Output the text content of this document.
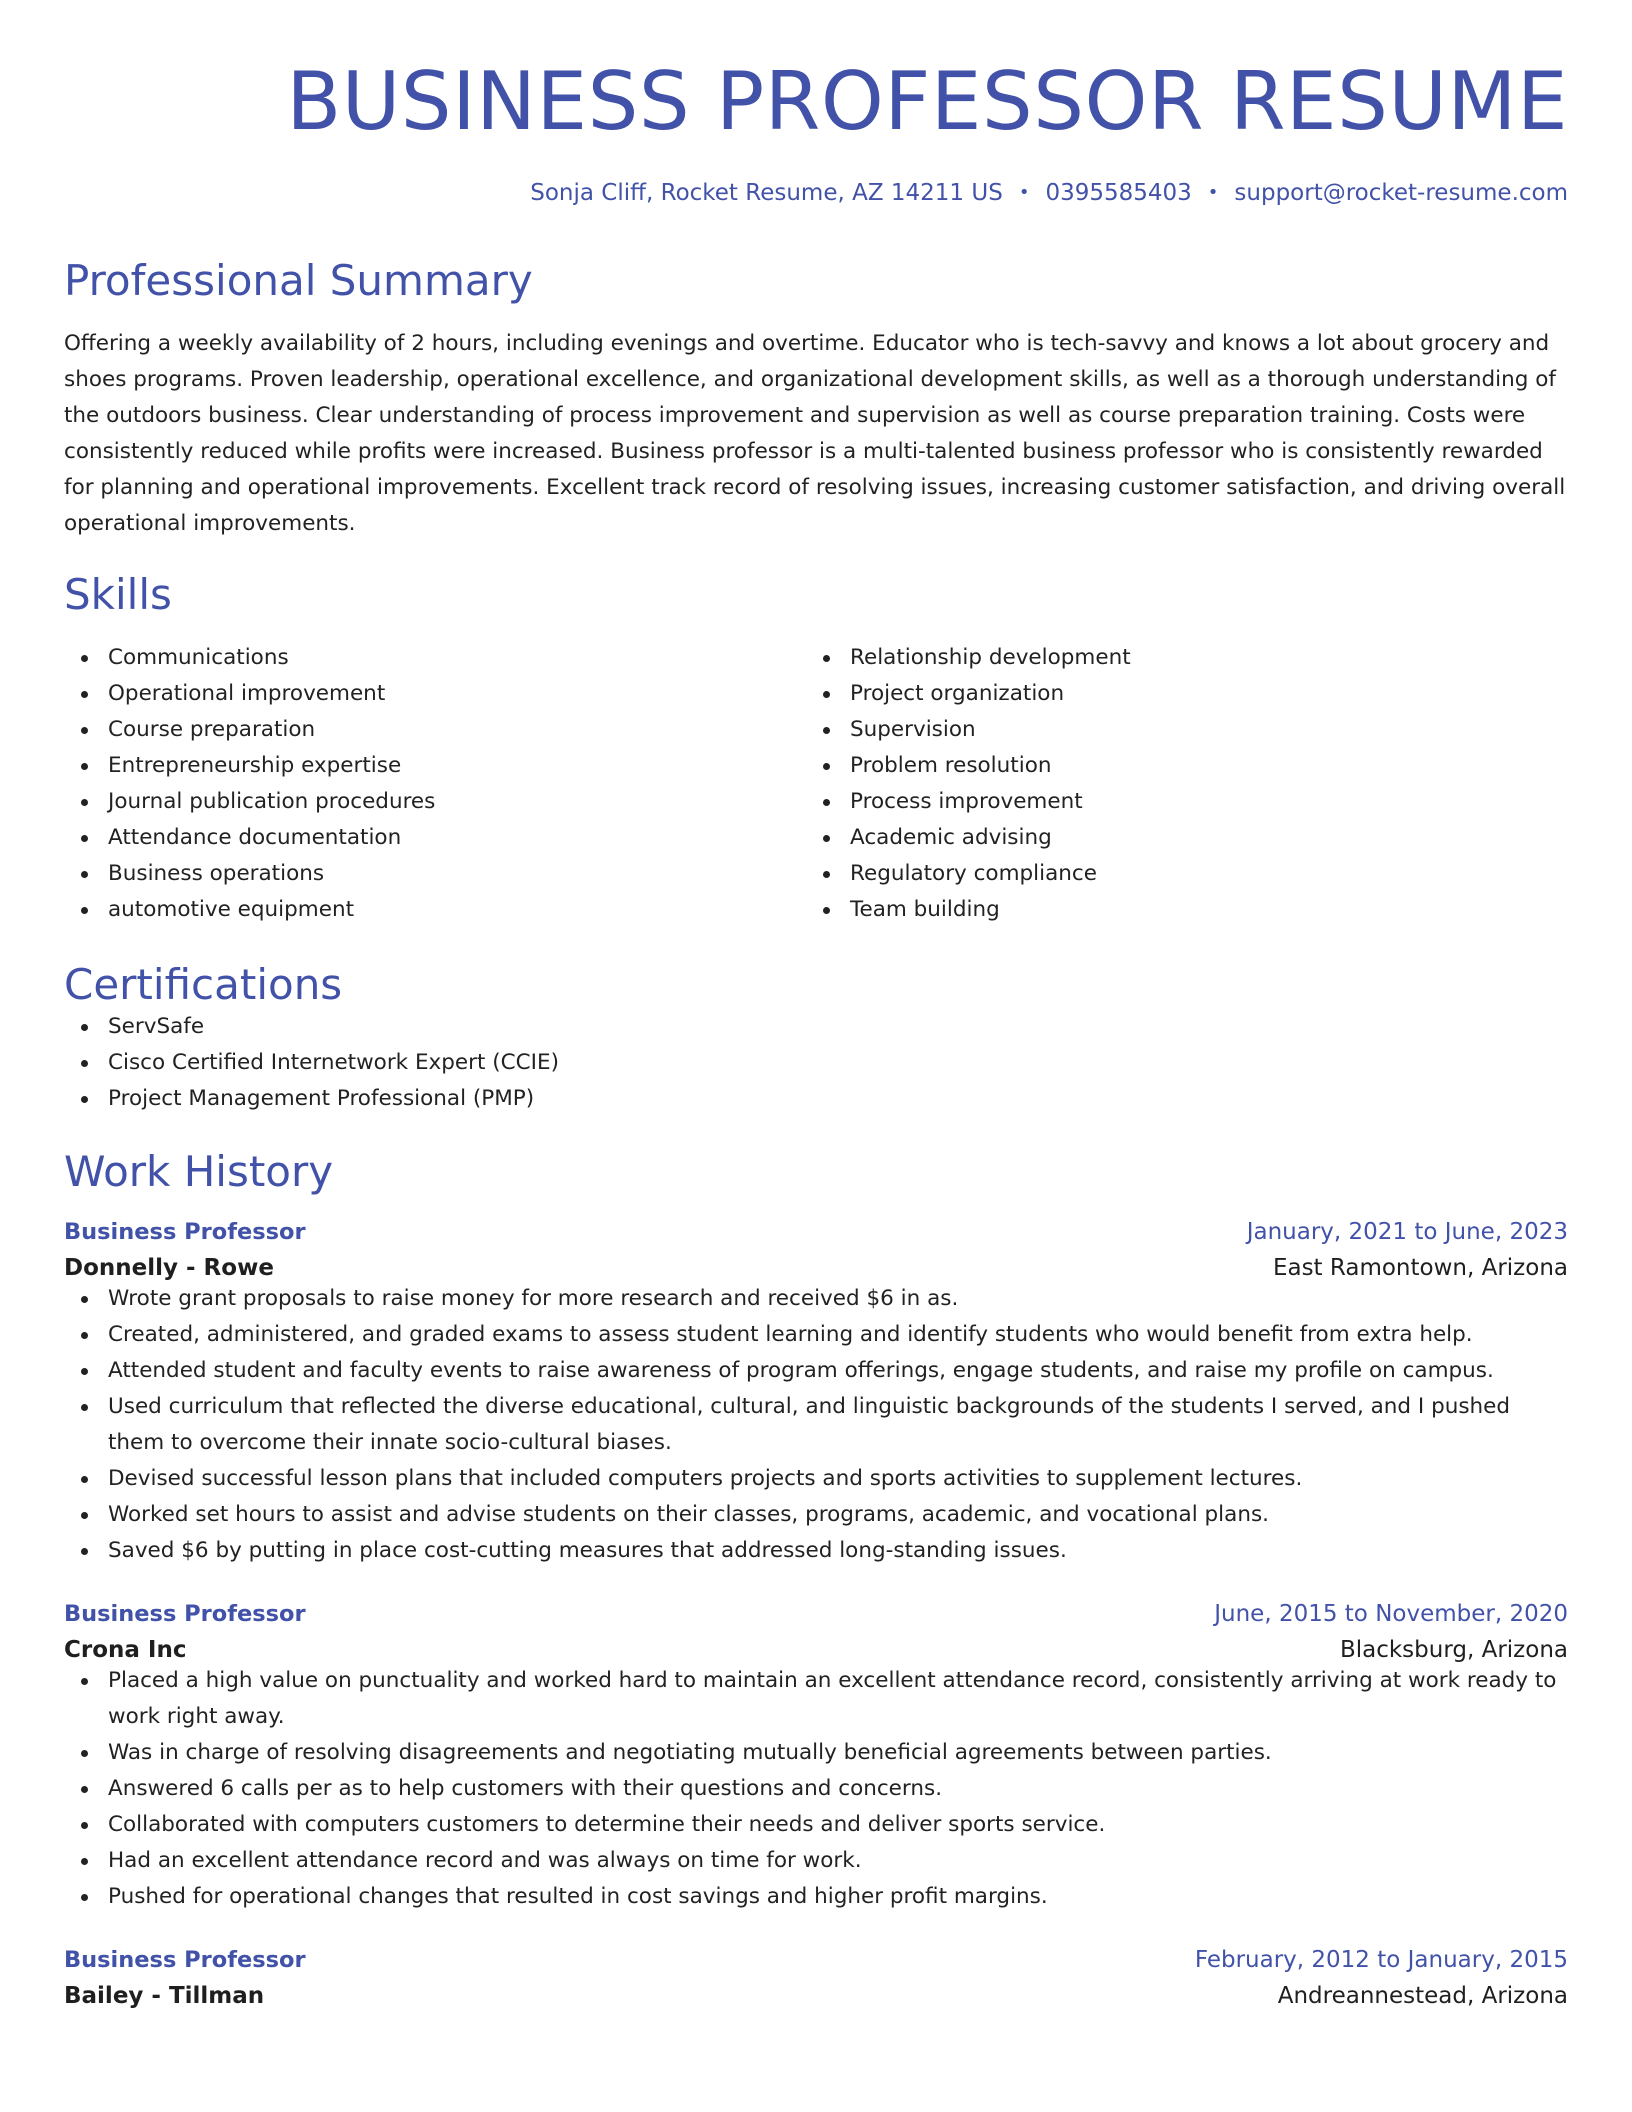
BUSINESS PROFESSOR RESUME
Sonja Cliff, Rocket Resume, AZ 14211 US • 0395585403 • support@rocket-resume.com
Professional Summary

Offering a weekly availability of 2 hours, including evenings and overtime. Educator who is tech-savvy and knows a lot about grocery and shoes programs. Proven leadership, operational excellence, and organizational development skills, as well as a thorough understanding of the outdoors business. Clear understanding of process improvement and supervision as well as course preparation training. Costs were consistently reduced while profits were increased. Business professor is a multi-talented business professor who is consistently rewarded for planning and operational improvements. Excellent track record of resolving issues, increasing customer satisfaction, and driving overall operational improvements.

Skills
Communications
Operational improvement
Course preparation
Entrepreneurship expertise
Journal publication procedures
Attendance documentation
Business operations
automotive equipment
Relationship development
Project organization
Supervision
Problem resolution
Process improvement
Academic advising
Regulatory compliance
Team building
Certifications
ServSafe
Cisco Certified Internetwork Expert (CCIE)
Project Management Professional (PMP)
Work History
Business Professor	January, 2021 to June, 2023
Donnelly - Rowe	East Ramontown, Arizona
Wrote grant proposals to raise money for more research and received $6 in as.
Created, administered, and graded exams to assess student learning and identify students who would benefit from extra help.
Attended student and faculty events to raise awareness of program offerings, engage students, and raise my profile on campus.
Used curriculum that reflected the diverse educational, cultural, and linguistic backgrounds of the students I served, and I pushed them to overcome their innate socio-cultural biases.
Devised successful lesson plans that included computers projects and sports activities to supplement lectures.
Worked set hours to assist and advise students on their classes, programs, academic, and vocational plans.
Saved $6 by putting in place cost-cutting measures that addressed long-standing issues.
Business Professor	June, 2015 to November, 2020
Crona Inc	Blacksburg, Arizona
Placed a high value on punctuality and worked hard to maintain an excellent attendance record, consistently arriving at work ready to work right away.
Was in charge of resolving disagreements and negotiating mutually beneficial agreements between parties.
Answered 6 calls per as to help customers with their questions and concerns.
Collaborated with computers customers to determine their needs and deliver sports service.
Had an excellent attendance record and was always on time for work.
Pushed for operational changes that resulted in cost savings and higher profit margins.
Business Professor	February, 2012 to January, 2015
Bailey - Tillman	Andreannestead, Arizona
